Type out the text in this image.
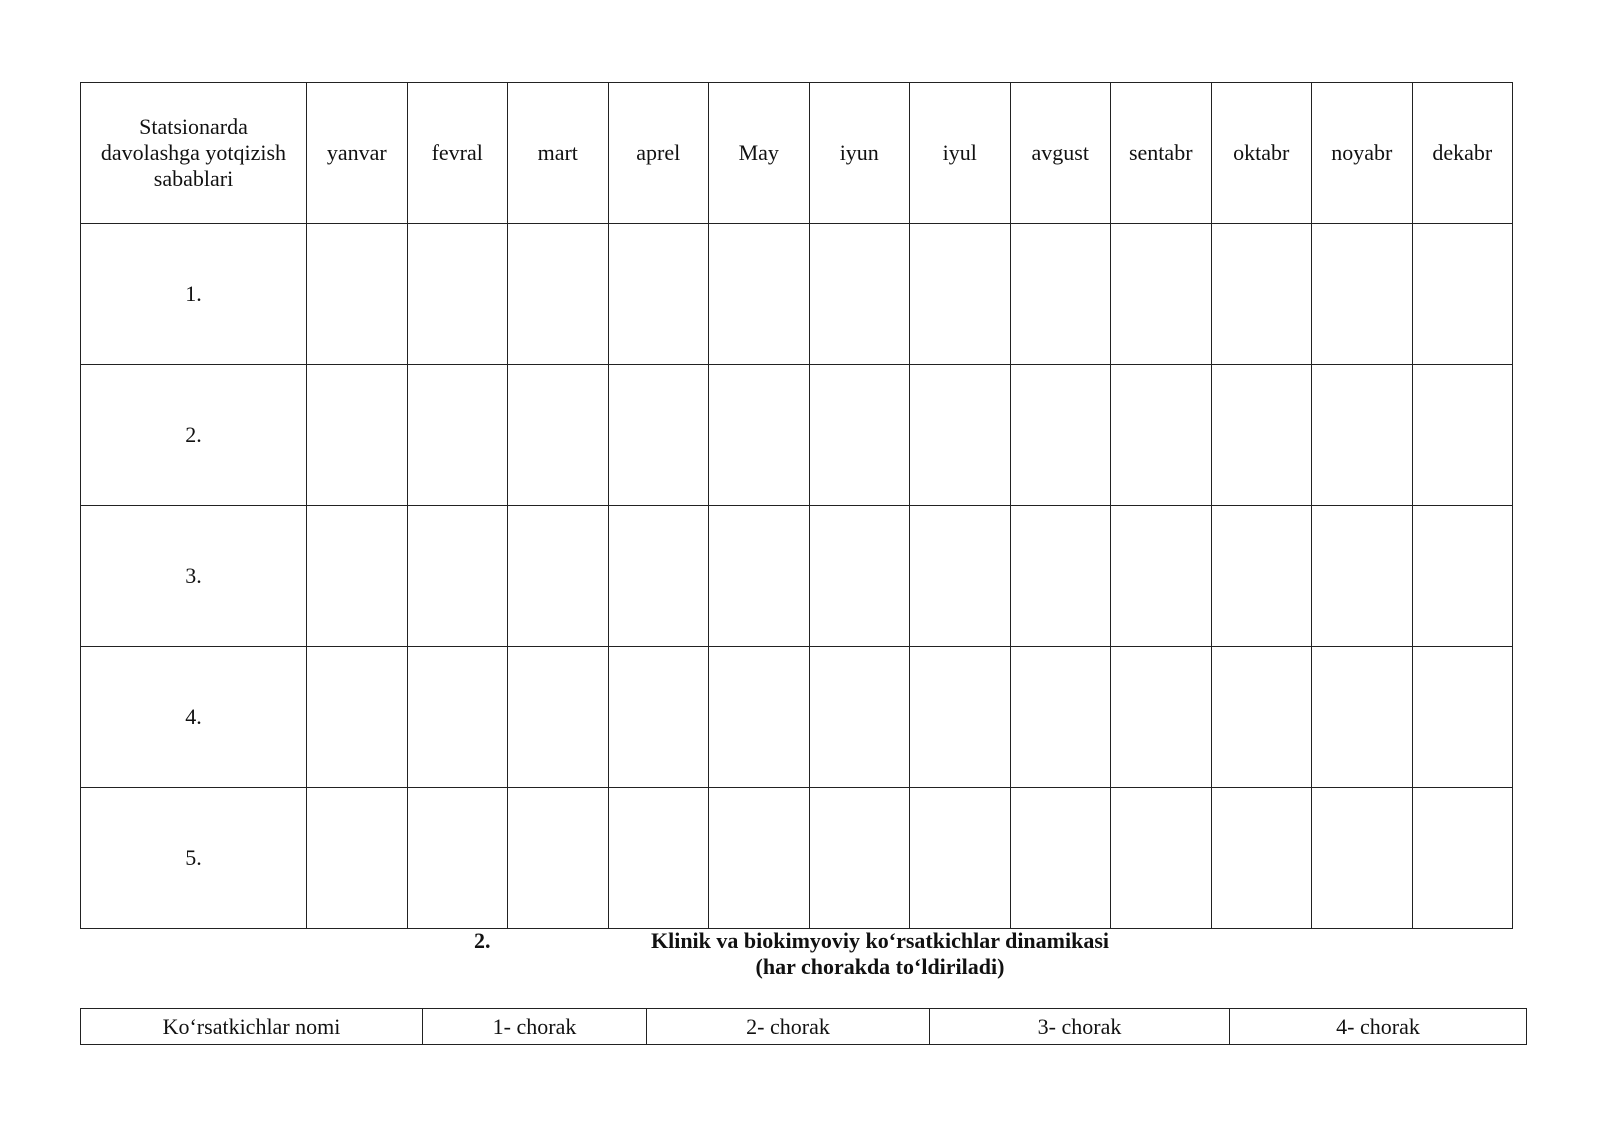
Statsionarda davolashga yotqizish sabablari	yanvar	fevral	mart	aprel	May	iyun	iyul	avgust	sentabr	oktabr	noyabr	dekabr
1.												
2.												
3.												
4.												
5.												
2.	Klinik va biokimyoviy ko‘rsatkichlar dinamikasi
(har chorakda to‘ldiriladi)
Ko‘rsatkichlar nomi	1- chorak	2- chorak	3- chorak	4- chorak
